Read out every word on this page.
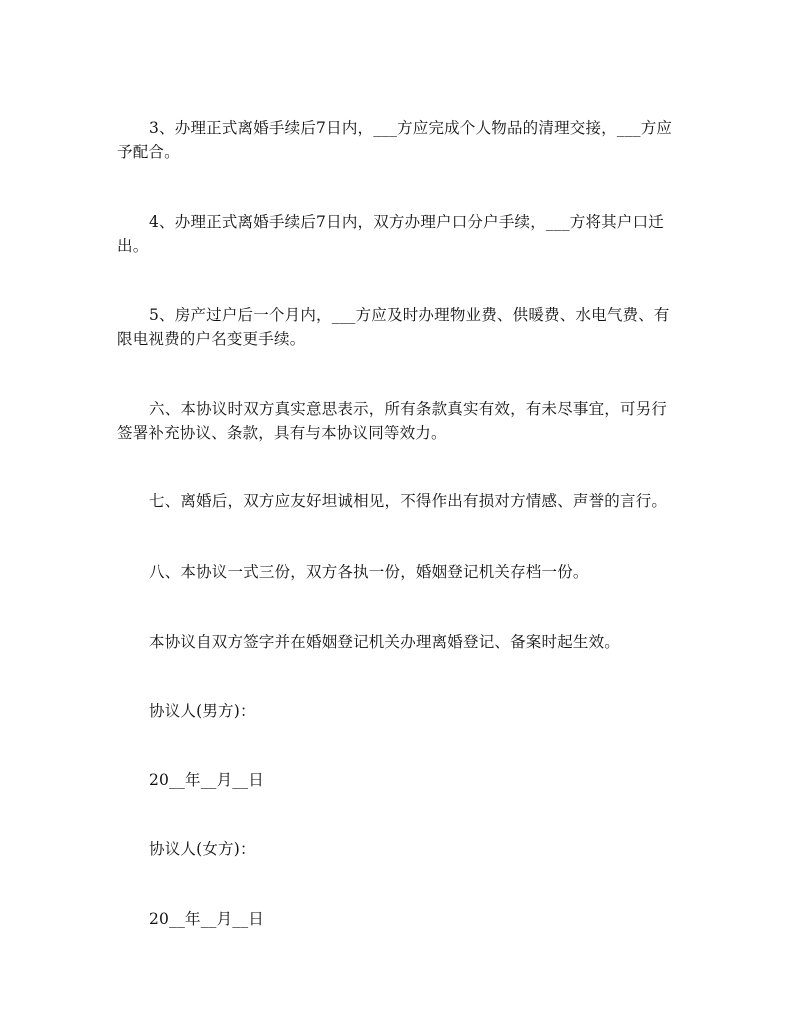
3、办理正式离婚手续后7日内，___方应完成个人物品的清理交接，___方应予配合。

4、办理正式离婚手续后7日内，双方办理户口分户手续，___方将其户口迁出。

5、房产过户后一个月内，___方应及时办理物业费、供暖费、水电气费、有限电视费的户名变更手续。

六、本协议时双方真实意思表示，所有条款真实有效，有未尽事宜，可另行签署补充协议、条款，具有与本协议同等效力。

七、离婚后，双方应友好坦诚相见，不得作出有损对方情感、声誉的言行。

八、本协议一式三份，双方各执一份，婚姻登记机关存档一份。

本协议自双方签字并在婚姻登记机关办理离婚登记、备案时起生效。

协议人(男方)：

20__年__月__日

协议人(女方)：

20__年__月__日
